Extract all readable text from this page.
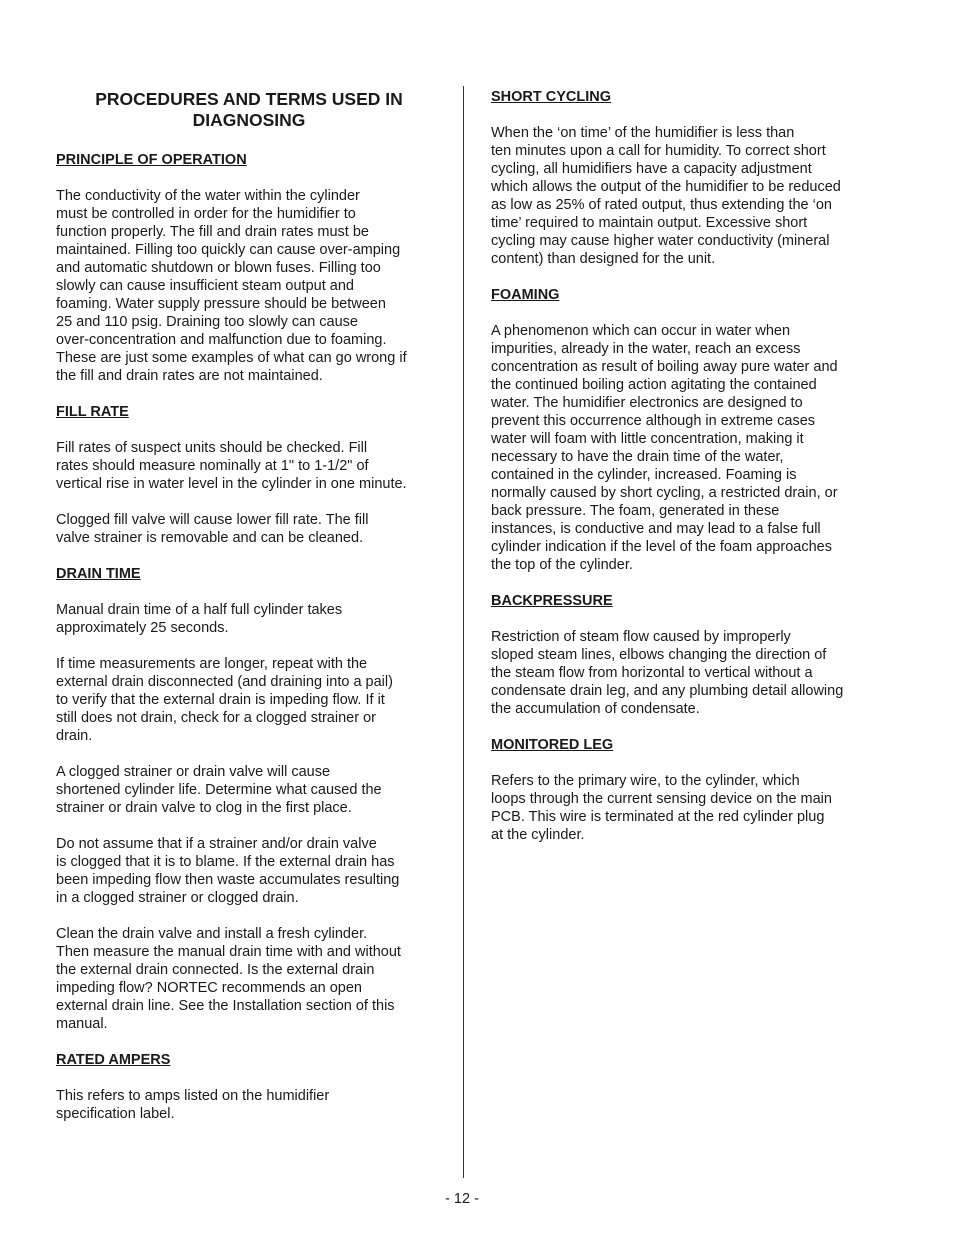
PROCEDURES AND TERMS USED IN
DIAGNOSING
PRINCIPLE OF OPERATION

The conductivity of the water within the cylinder
must be controlled in order for the humidifier to
function properly. The fill and drain rates must be
maintained. Filling too quickly can cause over-amping
and automatic shutdown or blown fuses. Filling too
slowly can cause insufficient steam output and
foaming. Water supply pressure should be between
25 and 110 psig. Draining too slowly can cause
over-concentration and malfunction due to foaming.
These are just some examples of what can go wrong if
the fill and drain rates are not maintained.

FILL RATE

Fill rates of suspect units should be checked. Fill
rates should measure nominally at 1" to 1-1/2" of
vertical rise in water level in the cylinder in one minute.

Clogged fill valve will cause lower fill rate. The fill
valve strainer is removable and can be cleaned.

DRAIN TIME

Manual drain time of a half full cylinder takes
approximately 25 seconds.

If time measurements are longer, repeat with the
external drain disconnected (and draining into a pail)
to verify that the external drain is impeding flow. If it
still does not drain, check for a clogged strainer or
drain.

A clogged strainer or drain valve will cause
shortened cylinder life. Determine what caused the
strainer or drain valve to clog in the first place.

Do not assume that if a strainer and/or drain valve
is clogged that it is to blame. If the external drain has
been impeding flow then waste accumulates resulting
in a clogged strainer or clogged drain.

Clean the drain valve and install a fresh cylinder.
Then measure the manual drain time with and without
the external drain connected. Is the external drain
impeding flow? NORTEC recommends an open
external drain line. See the Installation section of this
manual.

RATED AMPERS

This refers to amps listed on the humidifier
specification label.

SHORT CYCLING

When the ‘on time’ of the humidifier is less than
ten minutes upon a call for humidity. To correct short
cycling, all humidifiers have a capacity adjustment
which allows the output of the humidifier to be reduced
as low as 25% of rated output, thus extending the ‘on
time’ required to maintain output. Excessive short
cycling may cause higher water conductivity (mineral
content) than designed for the unit.

FOAMING

A phenomenon which can occur in water when
impurities, already in the water, reach an excess
concentration as result of boiling away pure water and
the continued boiling action agitating the contained
water. The humidifier electronics are designed to
prevent this occurrence although in extreme cases
water will foam with little concentration, making it
necessary to have the drain time of the water,
contained in the cylinder, increased. Foaming is
normally caused by short cycling, a restricted drain, or
back pressure. The foam, generated in these
instances, is conductive and may lead to a false full
cylinder indication if the level of the foam approaches
the top of the cylinder.

BACKPRESSURE

Restriction of steam flow caused by improperly
sloped steam lines, elbows changing the direction of
the steam flow from horizontal to vertical without a
condensate drain leg, and any plumbing detail allowing
the accumulation of condensate.

MONITORED LEG

Refers to the primary wire, to the cylinder, which
loops through the current sensing device on the main
PCB. This wire is terminated at the red cylinder plug
at the cylinder.

- 12 -
